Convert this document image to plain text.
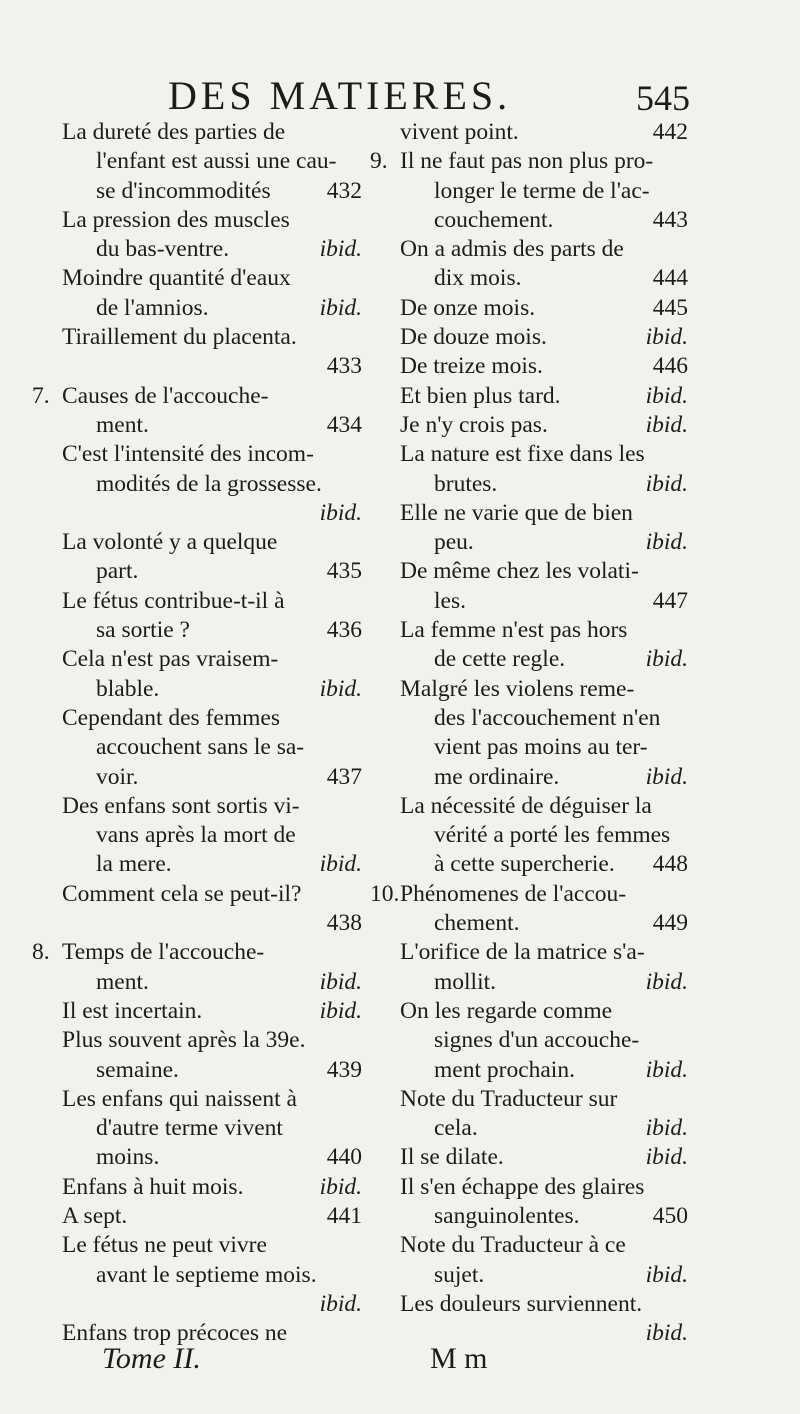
DES MATIERES.	545
La dureté des parties de
l'enfant est aussi une cau-
se d'incommodités 432
La pression des muscles
du bas-ventre.	ibid.
Moindre quantité d'eaux
de l'amnios.	ibid.
Tiraillement du placenta.
433
7. Causes de l'accouche-
ment.	434
C'est l'intensité des incom-
modités de la grossesse.
ibid.
La volonté y a quelque
part.	435
Le fétus contribue-t-il à
sa sortie ?	436
Cela n'est pas vraisem-
blable.	ibid.
Cependant des femmes
accouchent sans le sa-
voir.	437
Des enfans sont sortis vi-
vans après la mort de
la mere.	ibid.
Comment cela se peut-il?
438
8. Temps de l'accouche-
ment.	ibid.
Il est incertain.	ibid.
Plus souvent après la 39e.
semaine.	439
Les enfans qui naissent à
d'autre terme vivent
moins.	440
Enfans à huit mois.	ibid.
A sept.	441
Le fétus ne peut vivre
avant le septieme mois.
ibid.
Enfans trop précoces ne
vivent point.	442
9. Il ne faut pas non plus pro-
longer le terme de l'ac-
couchement.	443
On a admis des parts de
dix mois.	444
De onze mois.	445
De douze mois.	ibid.
De treize mois.	446
Et bien plus tard.	ibid.
Je n'y crois pas.	ibid.
La nature est fixe dans les
brutes.	ibid.
Elle ne varie que de bien
peu.	ibid.
De même chez les volati-
les.	447
La femme n'est pas hors
de cette regle.	ibid.
Malgré les violens reme-
des l'accouchement n'en
vient pas moins au ter-
me ordinaire.	ibid.
La nécessité de déguiser la
vérité a porté les femmes
à cette supercherie. 448
10. Phénomenes de l'accou-
chement.	449
L'orifice de la matrice s'a-
mollit.	ibid.
On les regarde comme
signes d'un accouche-
ment prochain.	ibid.
Note du Traducteur sur
cela.	ibid.
Il se dilate.	ibid.
Il s'en échappe des glaires
sanguinolentes.	450
Note du Traducteur à ce
sujet.	ibid.
Les douleurs surviennent.
ibid.
Tome II.	M m
